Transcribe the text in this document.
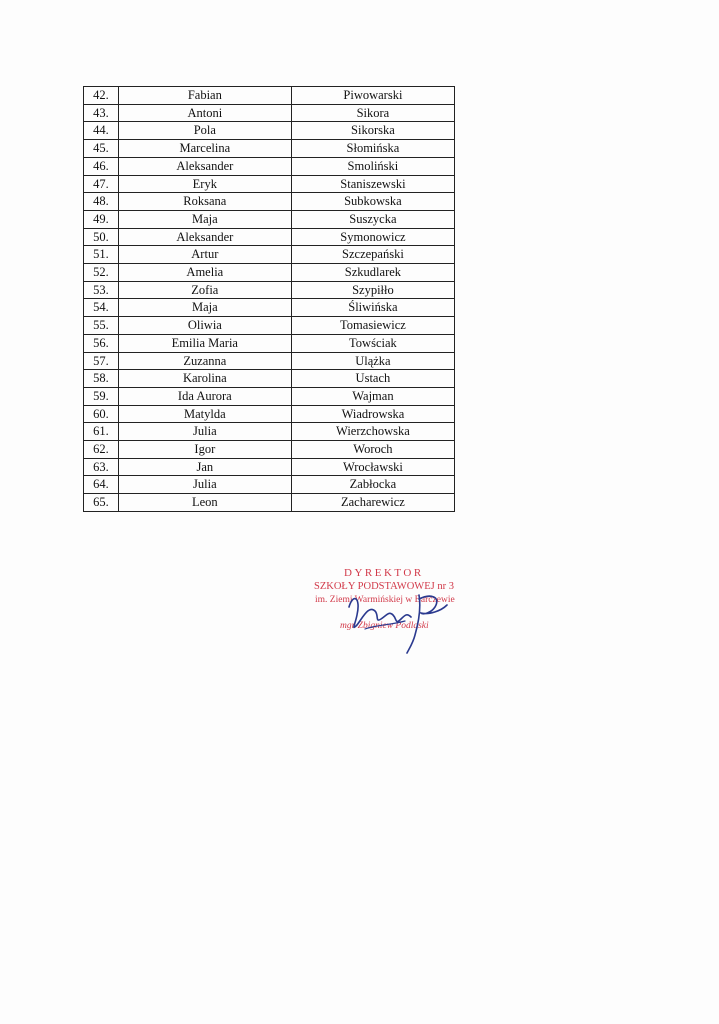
42.	Fabian	Piwowarski
43.	Antoni	Sikora
44.	Pola	Sikorska
45.	Marcelina	Słomińska
46.	Aleksander	Smoliński
47.	Eryk	Staniszewski
48.	Roksana	Subkowska
49.	Maja	Suszycka
50.	Aleksander	Symonowicz
51.	Artur	Szczepański
52.	Amelia	Szkudlarek
53.	Zofia	Szypiłło
54.	Maja	Śliwińska
55.	Oliwia	Tomasiewicz
56.	Emilia Maria	Towściak
57.	Zuzanna	Ulążka
58.	Karolina	Ustach
59.	Ida Aurora	Wajman
60.	Matylda	Wiadrowska
61.	Julia	Wierzchowska
62.	Igor	Woroch
63.	Jan	Wrocławski
64.	Julia	Zabłocka
65.	Leon	Zacharewicz
DYREKTOR
SZKOŁY PODSTAWOWEJ nr 3
im. Ziemi Warmińskiej w Barczewie
mgr Zbigniew Podlaski
